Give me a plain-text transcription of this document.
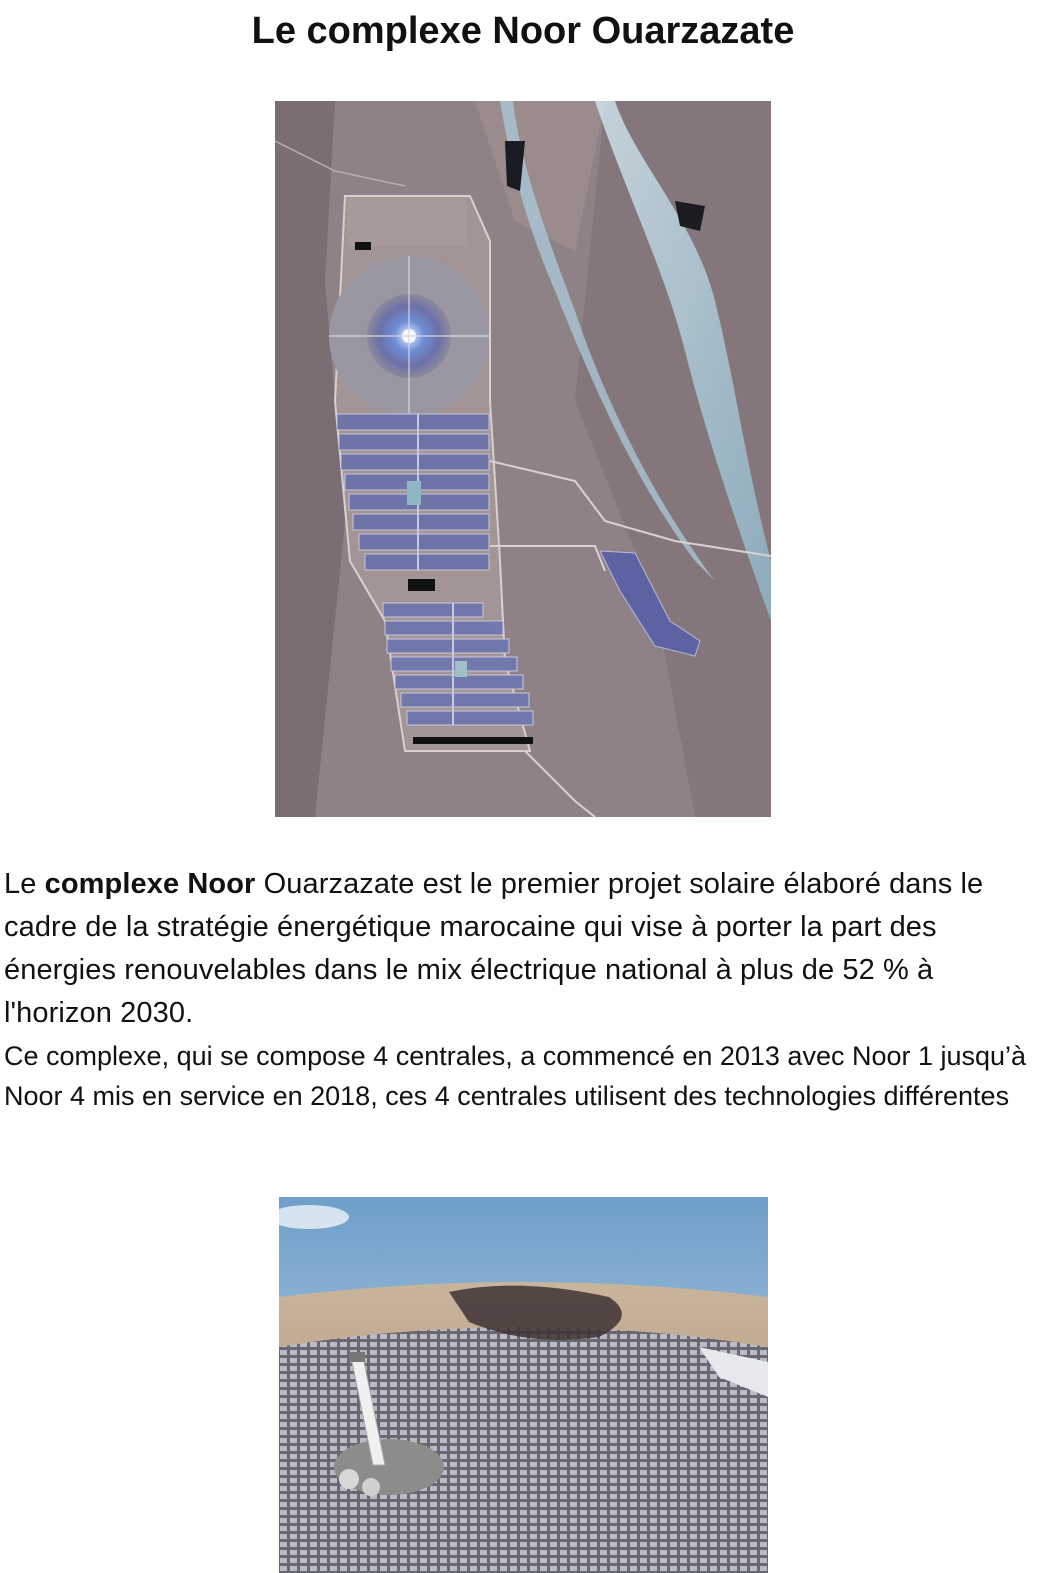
Le complexe Noor Ouarzazate

Le complexe Noor Ouarzazate est le premier projet solaire élaboré dans le cadre de la stratégie énergétique marocaine qui vise à porter la part des énergies renouvelables dans le mix électrique national à plus de 52 % à l'horizon 2030.

Ce complexe, qui se compose 4 centrales, a commencé en 2013 avec Noor 1 jusqu’à Noor 4 mis en service en 2018, ces 4 centrales utilisent des technologies différentes
